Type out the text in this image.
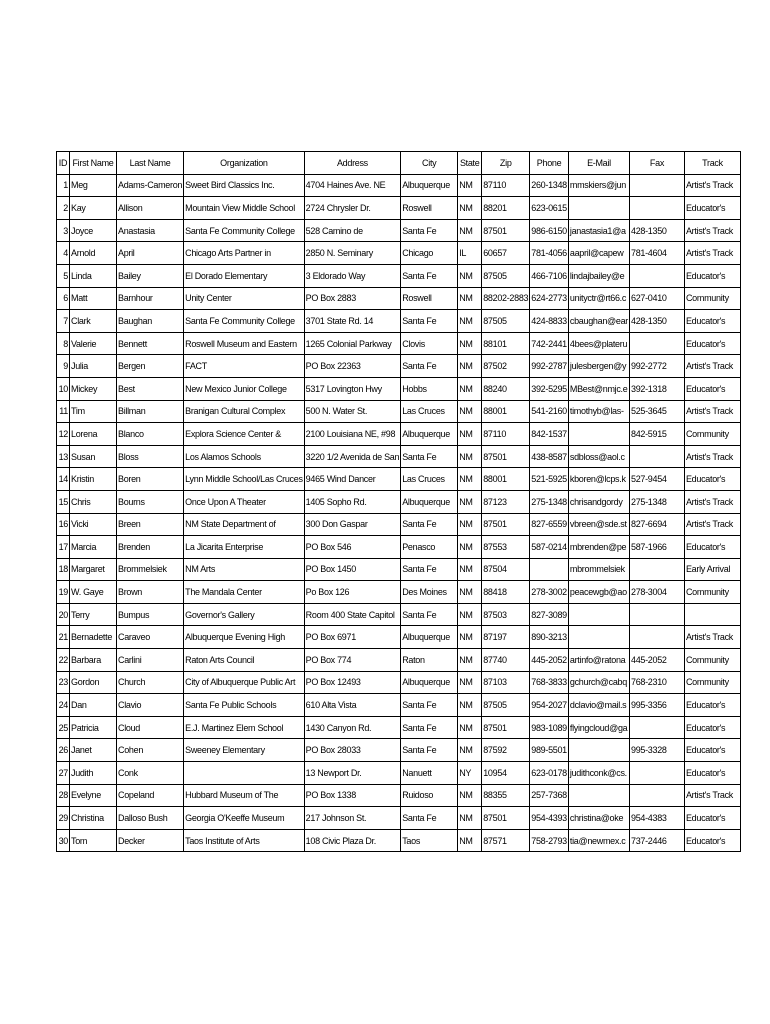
ID	First Name	Last Name	Organization	Address	City	State	Zip	Phone	E-Mail	Fax	Track
1	Meg	Adams-Cameron	Sweet Bird Classics Inc.	4704 Haines Ave. NE	Albuquerque	NM	87110	260-1348	mmskiers@jun		Artist's Track
2	Kay	Allison	Mountain View Middle School	2724 Chrysler Dr.	Roswell	NM	88201	623-0615			Educator's
3	Joyce	Anastasia	Santa Fe Community College	528 Camino de	Santa Fe	NM	87501	986-6150	janastasia1@a	428-1350	Artist's Track
4	Arnold	April	Chicago Arts Partner in	2850 N. Seminary	Chicago	IL	60657	781-4056	aapril@capew	781-4604	Artist's Track
5	Linda	Bailey	El Dorado Elementary	3 Eldorado Way	Santa Fe	NM	87505	466-7106	lindajbailey@e		Educator's
6	Matt	Barnhour	Unity Center	PO Box 2883	Roswell	NM	88202-2883	624-2773	unityctr@rt66.c	627-0410	Community
7	Clark	Baughan	Santa Fe Community College	3701 State Rd. 14	Santa Fe	NM	87505	424-8833	cbaughan@ear	428-1350	Educator's
8	Valerie	Bennett	Roswell Museum and Eastern	1265 Colonial Parkway	Clovis	NM	88101	742-2441	4bees@plateru		Educator's
9	Julia	Bergen	FACT	PO Box 22363	Santa Fe	NM	87502	992-2787	julesbergen@y	992-2772	Artist's Track
10	Mickey	Best	New Mexico Junior College	5317 Lovington Hwy	Hobbs	NM	88240	392-5295	MBest@nmjc.e	392-1318	Educator's
11	Tim	Billman	Branigan Cultural Complex	500 N. Water St.	Las Cruces	NM	88001	541-2160	timothyb@las-	525-3645	Artist's Track
12	Lorena	Blanco	Explora Science Center &	2100 Louisiana NE, #98	Albuquerque	NM	87110	842-1537		842-5915	Community
13	Susan	Bloss	Los Alamos Schools	3220 1/2 Avenida de San	Santa Fe	NM	87501	438-8587	sdbloss@aol.c		Artist's Track
14	Kristin	Boren	Lynn Middle School/Las Cruces	9465 Wind Dancer	Las Cruces	NM	88001	521-5925	kboren@lcps.k	527-9454	Educator's
15	Chris	Bourns	Once Upon A Theater	1405 Sopho Rd.	Albuquerque	NM	87123	275-1348	chrisandgordy	275-1348	Artist's Track
16	Vicki	Breen	NM State Department of	300 Don Gaspar	Santa Fe	NM	87501	827-6559	vbreen@sde.st	827-6694	Artist's Track
17	Marcia	Brenden	La Jicarita Enterprise	PO Box 546	Penasco	NM	87553	587-0214	mbrenden@pe	587-1966	Educator's
18	Margaret	Brommelsiek	NM Arts	PO Box 1450	Santa Fe	NM	87504		mbrommelsiek		Early Arrival
19	W. Gaye	Brown	The Mandala Center	Po Box 126	Des Moines	NM	88418	278-3002	peacewgb@ao	278-3004	Community
20	Terry	Bumpus	Governor's Gallery	Room 400 State Capitol	Santa Fe	NM	87503	827-3089			
21	Bernadette	Caraveo	Albuquerque Evening High	PO Box 6971	Albuquerque	NM	87197	890-3213			Artist's Track
22	Barbara	Carlini	Raton Arts Council	PO Box 774	Raton	NM	87740	445-2052	artinfo@ratona	445-2052	Community
23	Gordon	Church	City of Albuquerque Public Art	PO Box 12493	Albuquerque	NM	87103	768-3833	gchurch@cabq	768-2310	Community
24	Dan	Clavio	Santa Fe Public Schools	610 Alta Vista	Santa Fe	NM	87505	954-2027	dclavio@mail.s	995-3356	Educator's
25	Patricia	Cloud	E.J. Martinez Elem School	1430 Canyon Rd.	Santa Fe	NM	87501	983-1089	flyingcloud@ga		Educator's
26	Janet	Cohen	Sweeney Elementary	PO Box 28033	Santa Fe	NM	87592	989-5501		995-3328	Educator's
27	Judith	Conk		13 Newport Dr.	Nanuett	NY	10954	623-0178	judithconk@cs.		Educator's
28	Evelyne	Copeland	Hubbard Museum of The	PO Box 1338	Ruidoso	NM	88355	257-7368			Artist's Track
29	Christina	Dalloso Bush	Georgia O'Keeffe Museum	217 Johnson St.	Santa Fe	NM	87501	954-4393	christina@oke	954-4383	Educator's
30	Tom	Decker	Taos Institute of Arts	108 Civic Plaza Dr.	Taos	NM	87571	758-2793	tia@newmex.c	737-2446	Educator's
